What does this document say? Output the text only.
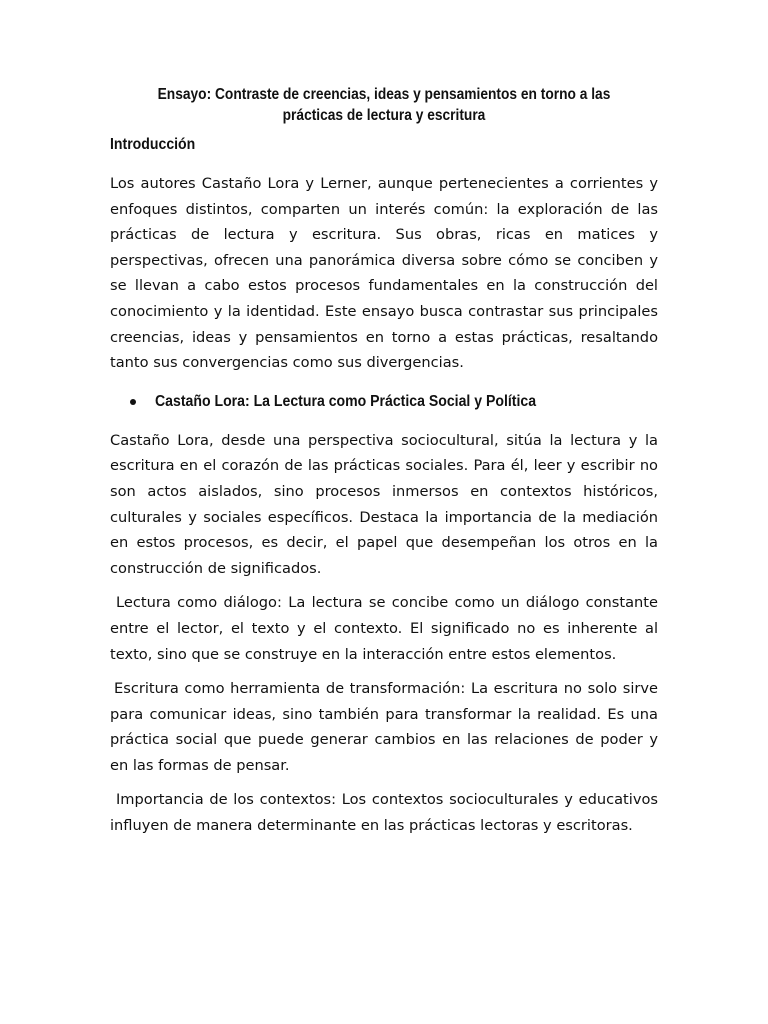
Ensayo: Contraste de creencias, ideas y pensamientos en torno a las
prácticas de lectura y escritura
Introducción

Los autores Castaño Lora y Lerner, aunque pertenecientes a corrientes y enfoques distintos, comparten un interés común: la exploración de las prácticas de lectura y escritura. Sus obras, ricas en matices y perspectivas, ofrecen una panorámica diversa sobre cómo se conciben y se llevan a cabo estos procesos fundamentales en la construcción del conocimiento y la identidad. Este ensayo busca contrastar sus principales creencias, ideas y pensamientos en torno a estas prácticas, resaltando tanto sus convergencias como sus divergencias.

Castaño Lora: La Lectura como Práctica Social y Política

Castaño Lora, desde una perspectiva sociocultural, sitúa la lectura y la escritura en el corazón de las prácticas sociales. Para él, leer y escribir no son actos aislados, sino procesos inmersos en contextos históricos, culturales y sociales específicos. Destaca la importancia de la mediación en estos procesos, es decir, el papel que desempeñan los otros en la construcción de significados.

Lectura como diálogo: La lectura se concibe como un diálogo constante entre el lector, el texto y el contexto. El significado no es inherente al texto, sino que se construye en la interacción entre estos elementos.

Escritura como herramienta de transformación: La escritura no solo sirve para comunicar ideas, sino también para transformar la realidad. Es una práctica social que puede generar cambios en las relaciones de poder y en las formas de pensar.

Importancia de los contextos: Los contextos socioculturales y educativos influyen de manera determinante en las prácticas lectoras y escritoras.
